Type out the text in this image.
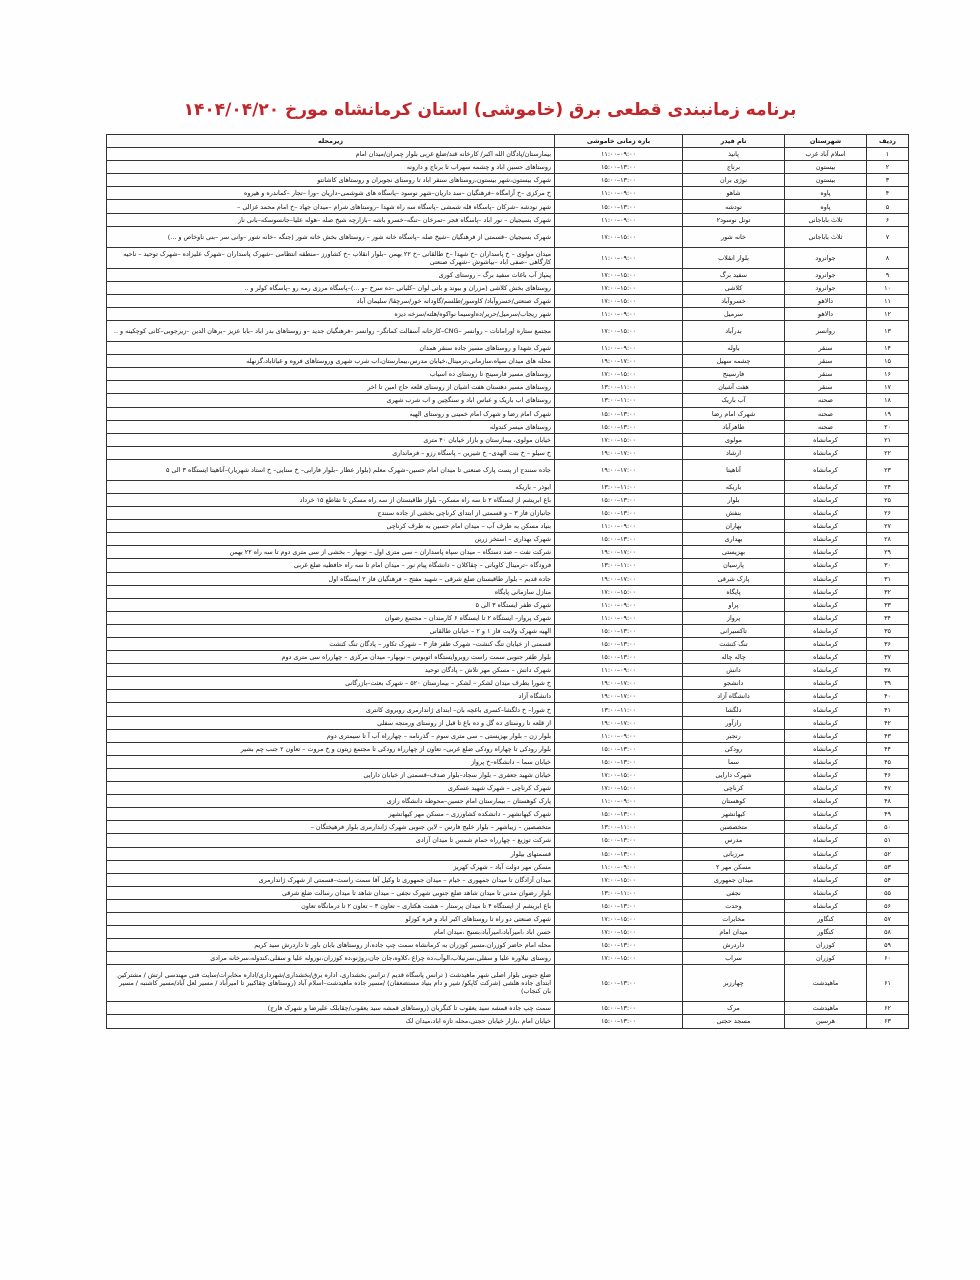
برنامه زمانبندی قطعی برق (خاموشی) استان کرمانشاه مورخ ۱۴۰۴/۰۴/۲۰
ردیف	شهرستان	نام فیدر	بازه زمانی خاموشی	زیرمحله
۱	اسلام آباد غرب	پانیذ	۰۹:۰۰–۱۱:۰۰	بیمارستان/پادگان الله اکبر/ کارخانه قند/ضلع غربی بلوار چمران/میدان امام
۲	بیستون	برناج	۱۳:۰۰–۱۵:۰۰	روستاهای حسین اباد و چشمه سهراب تا برناج و دارونه
۳	بیستون	نوژی بران	۱۳:۰۰–۱۵:۰۰	شهرک بیستون،شهر بیستون،روستاهای سنقر اباد تا روستای نجوبران و روستاهای کاشانتو
۴	پاوه	شاهو	۰۹:۰۰–۱۱:۰۰	خ مرکزی –خ آرامگاه –فرهنگیان –سد داریان–شهر نوسود –پاسگاه های شوشمی–داریان –ورا –تجار –کماندره و هیروه
۵	پاوه	نودشه	۱۳:۰۰–۱۵:۰۰	شهر نودشه –شرکان –پاسگاه قله شمشی –پاسگاه سه راه شهدا –روستاهای شرام –میدان جهاد –خ امام محمد غزالی –
۶	ثلاث باباجانی	تونل نوسود۲	۰۹:۰۰–۱۱:۰۰	شهرک بسیجیان – نور اباد –پاسگاه فجر –تمرخان –تنگه–خسرو باشه –بازارچه شیخ صله –هوله علیا–جانسوسکه–بانی نار
۷	ثلاث باباجانی	خانه شور	۱۵:۰۰–۱۷:۰۰	شهرک بسیجیان –قسمتی از فرهنگیان –شیخ صله –پاسگاه خانه شور – روستاهای بخش خانه شور (جنگه –خانه شور –وانی سر –بنی ناوخاص و ...)
۸	جوانرود	بلوار انقلاب	۰۹:۰۰–۱۱:۰۰	میدان مولوی – خ پاسداران –خ شهدا –خ طالقانی –خ ۲۲ بهمن –بلوار انقلاب –خ کشاورز –منطقه انتظامی –شهرک پاسداران –شهرک علیزاده –شهرک توحید – ناحیه کارگاهی –صفی اباد –بیاشوش –شهرک صنعتی
۹	جوانرود	سفید برگ	۱۵:۰۰–۱۷:۰۰	پمپاژ آب باغات سفید برگ – روستای کوری
۱۰	جوانرود	کلاشی	۱۵:۰۰–۱۷:۰۰	روستاهای بخش کلاشی (مزران و بیوند و بانی لوان –کلیانی –ده سرخ –و ...)–پاسگاه مرزی رمه رو –پاسگاه کولر و ..
۱۱	دالاهو	خسروآباد	۱۵:۰۰–۱۷:۰۰	شهرک صنعتی/خسروآباد/ کاوسور/طلسم/گاودانه خور/سرچقا/ سلیمان آباد
۱۲	دالاهو	سرمیل	۰۹:۰۰–۱۱:۰۰	شهر ریجاب/سرمیل/حریر/ده‌اوسیما نواکوه/هلته/سرخه دیزه
۱۳	روانسر	بدرآباد	۱۵:۰۰–۱۷:۰۰	مجتمع ستاره اورامانات – روانسر –CNG–کارخانه آسفالت کماتگر– روانسر –فرهنگیان جدید –و روستاهای بدر اباد –بابا عزیز –برهان الدین –زیرجوبی–کانی کوچکینه و ..
۱۴	سنقر	باوله	۰۹:۰۰–۱۱:۰۰	شهرک شهدا و روستاهای مسیر جاده سنقر همدان
۱۵	سنقر	چشمه سهیل	۱۷:۰۰–۱۹:۰۰	محله های میدان سپاه،سازمانی،ترمینال،خیابان مدرس،بیمارستان،اب شرب شهری وروستاهای فروه و غیاثاباد،گزنهله
۱۶	سنقر	فارسینج	۱۵:۰۰–۱۷:۰۰	روستاهای مسیر فارسینج تا روستای ده اسیاب
۱۷	سنقر	هفت آشیان	۱۱:۰۰–۱۳:۰۰	روستاهای مسیر دهستان هفت اشیان از روستای قلعه حاج امین تا اخر
۱۸	صحنه	آب باریک	۱۱:۰۰–۱۳:۰۰	روستاهای اب باریک و عباس اباد و سنگچین و اب شرب شهری
۱۹	صحنه	شهرک امام رضا	۱۳:۰۰–۱۵:۰۰	شهرک امام رضا و شهرک امام خمینی و روستای الهیه
۲۰	صحنه	طاهرآباد	۱۳:۰۰–۱۵:۰۰	روستاهای میسر کندوله
۲۱	کرمانشاه	مولوی	۱۵:۰۰–۱۷:۰۰	خیابان مولوی، بیمارستان و بازار خیابان ۴۰ متری
۲۲	کرمانشاه	ارشاد	۱۷:۰۰–۱۹:۰۰	خ سیلو – خ بنت الهدی– خ شیرین – پاسگاه رزو – فرمانداری
۲۳	کرمانشاه	آناهیتا	۱۷:۰۰–۱۹:۰۰	جاده سنندج از پست پارک صنعتی تا میدان امام حسین–شهرک معلم (بلوار عطار –بلوار فارابی– خ سنایی– خ استاد شهریار)–آناهیتا ایستگاه ۳ الی ۵
۲۴	کرمانشاه	باریکه	۱۱:۰۰–۱۳:۰۰	ابوذر – باریکه
۲۵	کرمانشاه	بلوار	۱۳:۰۰–۱۵:۰۰	باغ ابریشم از ایستگاه ۲ تا سه راه مسکن– بلوار طاقبستان از سه راه مسکن تا تقاطع ۱۵ خرداد
۲۶	کرمانشاه	بنفش	۱۳:۰۰–۱۵:۰۰	جانبازان فاز ۳ – و قسمتی از ابتدای کرناچی بخشی از جاده سنندج
۲۷	کرمانشاه	بهاران	۰۹:۰۰–۱۱:۰۰	بنیاد مسکن به طرف آب – میدان امام حسین به طرف کرناچی
۲۸	کرمانشاه	بهداری	۱۳:۰۰–۱۵:۰۰	شهرک بهداری – استخر زرین
۲۹	کرمانشاه	بهزیستی	۱۷:۰۰–۱۹:۰۰	شرکت نفت – صد دستگاه – میدان سپاه پاسداران – سی متری اول – نوبهار – بخشی از سی متری دوم تا سه راه ۲۲ بهمن
۳۰	کرمانشاه	پارسیان	۱۱:۰۰–۱۳:۰۰	فرودگاه –ترمینال کاویانی – چقاکلان – دانشگاه پیام نور – میدان امام تا سه راه حافظیه ضلع غربی
۳۱	کرمانشاه	پارک شرقی	۱۷:۰۰–۱۹:۰۰	جاده قدیم – بلوار طاقبستان ضلع شرقی – شهید مفتح – فرهنگیان فاز ۲ ایستگاه اول
۳۲	کرمانشاه	پایگاه	۱۵:۰۰–۱۷:۰۰	منازل سازمانی پایگاه
۳۳	کرمانشاه	پراو	۰۹:۰۰–۱۱:۰۰	شهرک ظفر ایستگاه ۳ الی ۵
۳۴	کرمانشاه	پرواز	۰۹:۰۰–۱۱:۰۰	شهرک پرواز– ایستگاه ۲ تا ایستگاه ۶ کارمندان – مجتمع رضوان
۳۵	کرمانشاه	تاکسیرانی	۱۳:۰۰–۱۵:۰۰	الهیه شهرک ولایت فاز ۱ و ۲ – خیابان طالقانی
۳۶	کرمانشاه	تنگ کنشت	۱۳:۰۰–۱۵:۰۰	قسمتی از خیابان تنگ کنشت– شهرک ظفر فاز ۳ – شهرک تکاور – پادگان تنگ کنشت
۳۷	کرمانشاه	چاله چاله	۱۳:۰۰–۱۵:۰۰	بلوار ظفر جنوبی سمت راست روبروایستگاه اتوبوس – نوبهار– میدان مرکزی – چهارراه سی متری دوم
۳۸	کرمانشاه	دانش	۰۹:۰۰–۱۱:۰۰	شهرک دانش – مسکن مهر تلاش – پادگان توحید
۳۹	کرمانشاه	دانشجو	۱۷:۰۰–۱۹:۰۰	خ شورا بطرف میدان لشکر – لشکر – بیمارستان ۵۲۰ – شهرک بعثت–بازرگانی
۴۰	کرمانشاه	دانشگاه آزاد	۱۷:۰۰–۱۹:۰۰	دانشگاه آزاد
۴۱	کرمانشاه	دلگشا	۱۱:۰۰–۱۳:۰۰	خ شورا– خ دلگشا–کسری باغچه بان– ابتدای ژاندارمری روبروی کانتری
۴۲	کرمانشاه	رازآور	۱۷:۰۰–۱۹:۰۰	از قلعه تا روستای ده گل و ده باغ تا قبل از روستای ورمنجه سفلی
۴۳	کرمانشاه	رنجبر	۰۹:۰۰–۱۱:۰۰	بلوار زن – بلوار بهزیستی – سی متری سوم – گذرنامه – چهارراه آب آ تا سیمتری دوم
۴۴	کرمانشاه	رودکی	۱۳:۰۰–۱۵:۰۰	بلوار رودکی تا چهاراه رودکی ضلع غربی– تعاون از چهارراه رودکی تا مجتمع زیتون و خ مروت – تعاون ۲ جنب چم بشیر
۴۵	کرمانشاه	سما	۱۳:۰۰–۱۵:۰۰	خیابان سما – دانشگاه–خ پرواز
۴۶	کرمانشاه	شهرک دارایی	۱۵:۰۰–۱۷:۰۰	خیابان شهید جعفری – بلوار سجاد–بلوار صدف–قسمتی از خیابان دارایی
۴۷	کرمانشاه	کرناچی	۱۵:۰۰–۱۷:۰۰	شهرک کرناچی – شهرک شهید عسکری
۴۸	کرمانشاه	کوهستان	۰۹:۰۰–۱۱:۰۰	پارک کوهستان – بیمارستان امام حسین–محوطه دانشگاه رازی
۴۹	کرمانشاه	کیهانشهر	۱۳:۰۰–۱۵:۰۰	شهرک کیهانشهر – دانشکده کشاورزی – مسکن مهر کیهانشهر
۵۰	کرمانشاه	متخصصین	۱۱:۰۰–۱۳:۰۰	متخصصین – زیباشهر – بلوار خلیج فارس – لاین جنوبی شهرک ژاندارمری بلوار فرهیختگان –
۵۱	کرمانشاه	مدرس	۱۳:۰۰–۱۵:۰۰	شرکت توزیع – چهارراه حمام شمس تا میدان آزادی
۵۲	کرمانشاه	مرزبانی	۱۳:۰۰–۱۵:۰۰	قسمتهای بیلوار
۵۳	کرمانشاه	مسکن مهر ۲	۰۹:۰۰–۱۱:۰۰	مسکن مهر دولت آباد – شهرک کهریز
۵۴	کرمانشاه	میدان جمهوری	۱۵:۰۰–۱۷:۰۰	میدان آزادگان تا میدان جمهوری – خیام – میدان جمهوری تا وکیل آقا سمت راست–قسمتی از شهرک ژاندارمری
۵۵	کرمانشاه	نجفی	۱۱:۰۰–۱۳:۰۰	بلوار رضوان مدنی تا میدان شاهد ضلع جنوبی شهرک نجفی – میدان شاهد تا میدان رسالت ضلع شرقی
۵۶	کرمانشاه	وحدت	۱۳:۰۰–۱۵:۰۰	باغ ابریشم از ایستگاه ۴ تا میدان پرستار – هشت هکتاری – تعاون ۳ – تعاون ۲ تا درمانگاه تعاون
۵۷	کنگاور	مخابرات	۱۵:۰۰–۱۷:۰۰	شهرک صنعتی دو راه تا روستاهای اکبر اباد و فره کوزلو
۵۸	کنگاور	میدان امام	۱۵:۰۰–۱۷:۰۰	حسن اباد ،امیرآباد،امیرآباد،بسیج ،میدان امام
۵۹	کوزران	داردرش	۱۳:۰۰–۱۵:۰۰	محله امام حاضر کوزران،مسیر کوزران به کرمانشاه سمت چپ جاده،از روستاهای بابان باور تا داردرش سید کریم
۶۰	کوزران	سراب	۱۵:۰۰–۱۷:۰۰	روستای نیلاوره علیا و سفلی،سرنیلاب،الوآب،ده چراغ ،کلاوه،جان جان،روژنو،ده کوزران،نوروله علیا و سفلی،کندوله،سرخانه مرادی
۶۱	ماهیدشت	چهارزبر	۱۳:۰۰–۱۵:۰۰	ضلع جنوبی بلوار اصلی شهر ماهیدشت ( ترانس پاسگاه قدیم / ترانس بخشداری، اداره برق/بخشداری/شهرداری/اداره مخابرات/سایت فنی مهندسی ارتش / مشترکین ابتدای جاده هلشی (شرکت کاپکو/ شیر و دام بنیاد مستضعفان) /مسیر جاده ماهیدشت–اسلام آباد (روستاهای چقاکبیر تا امیرآباد / مسیر لعل آباد/مسیر کاشنبه / مسیر بان کنجاب)
۶۲	ماهیدشت	مرک	۱۳:۰۰–۱۵:۰۰	سمت چپ جاده قمشه سید یعقوب تا کنگربان (روستاهای قمشه سید یعقوب/چقابلک علیرضا و شهرک فارج)
۶۳	هرسین	مسجد حجتی	۱۳:۰۰–۱۵:۰۰	خیابان امام ،بازار خیابان حجتی،محله تازه اباد،میدان لک
